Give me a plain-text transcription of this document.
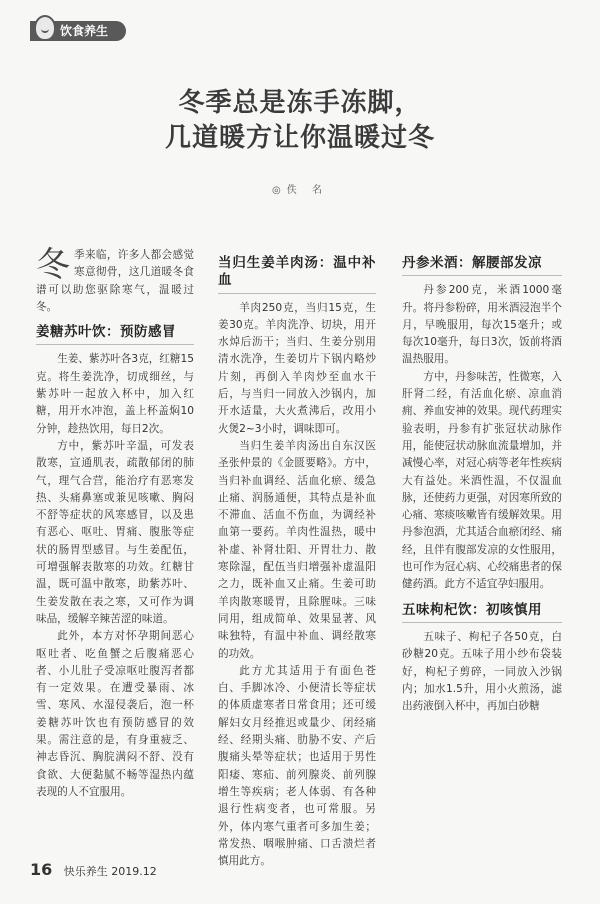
饮食养生
冬季总是冻手冻脚，
几道暖方让你温暖过冬
◎佚 名

冬季来临，许多人都会感觉寒意彻骨，这几道暖冬食谱可以助您驱除寒气，温暖过冬。

姜糖苏叶饮：预防感冒

生姜、紫苏叶各3克，红糖15克。将生姜洗净，切成细丝，与紫苏叶一起放入杯中，加入红糖，用开水冲泡，盖上杯盖焖10分钟，趁热饮用，每日2次。

方中，紫苏叶辛温，可发表散寒，宣通肌表，疏散郁闭的肺气，理气合营，能治疗有恶寒发热、头痛鼻塞或兼见咳嗽、胸闷不舒等症状的风寒感冒，以及患有恶心、呕吐、胃痛、腹胀等症状的肠胃型感冒。与生姜配伍，可增强解表散寒的功效。红糖甘温，既可温中散寒，助紫苏叶、生姜发散在表之寒，又可作为调味品，缓解辛辣苦涩的味道。

此外，本方对怀孕期间恶心呕吐者、吃鱼蟹之后腹痛恶心者、小儿肚子受凉呕吐腹泻者都有一定效果。在遭受暴雨、冰雪、寒风、水湿侵袭后，泡一杯姜糖苏叶饮也有预防感冒的效果。需注意的是，有身重疲乏、神志昏沉、胸脘满闷不舒、没有食欲、大便黏腻不畅等湿热内蕴表现的人不宜服用。

当归生姜羊肉汤：温中补血

羊肉250克，当归15克，生姜30克。羊肉洗净、切块，用开水焯后沥干；当归、生姜分别用清水洗净，生姜切片下锅内略炒片刻，再倒入羊肉炒至血水干后，与当归一同放入沙锅内，加开水适量，大火煮沸后，改用小火煲2~3小时，调味即可。

当归生姜羊肉汤出自东汉医圣张仲景的《金匮要略》。方中，当归补血调经、活血化瘀、缓急止痛、润肠通便，其特点是补血不滞血、活血不伤血，为调经补血第一要药。羊肉性温热，暖中补虚、补肾壮阳、开胃壮力、散寒除湿，配伍当归增强补虚温阳之力，既补血又止痛。生姜可助羊肉散寒暖胃，且除腥味。三味同用，组成简单、效果显著、风味独特，有温中补血、调经散寒的功效。

此方尤其适用于有面色苍白、手脚冰冷、小便清长等症状的体质虚寒者日常食用；还可缓解妇女月经推迟或量少、闭经痛经、经期头痛、肋胁不安、产后腹痛头晕等症状；也适用于男性阳痿、寒疝、前列腺炎、前列腺增生等疾病；老人体弱、有各种退行性病变者，也可常服。另外，体内寒气重者可多加生姜；常发热、咽喉肿痛、口舌溃烂者慎用此方。

丹参米酒：解腰部发凉

丹参200克，米酒1000毫升。将丹参粉碎，用米酒浸泡半个月，早晚服用，每次15毫升；或每次10毫升，每日3次，饭前将酒温热服用。

方中，丹参味苦，性微寒，入肝肾二经，有活血化瘀、凉血消痈、养血安神的效果。现代药理实验表明，丹参有扩张冠状动脉作用，能使冠状动脉血流量增加，并减慢心率，对冠心病等老年性疾病大有益处。米酒性温，不仅温血脉，还使药力更强，对因寒所致的心痛、寒痰咳嗽皆有缓解效果。用丹参泡酒，尤其适合血瘀闭经、痛经，且伴有腹部发凉的女性服用，也可作为冠心病、心绞痛患者的保健药酒。此方不适宜孕妇服用。

五味枸杞饮：初咳慎用

五味子、枸杞子各50克，白砂糖20克。五味子用小纱布袋装好，枸杞子剪碎，一同放入沙锅内；加水1.5升，用小火煎汤，滤出药液倒入杯中，再加白砂糖

16 快乐养生 2019.12
